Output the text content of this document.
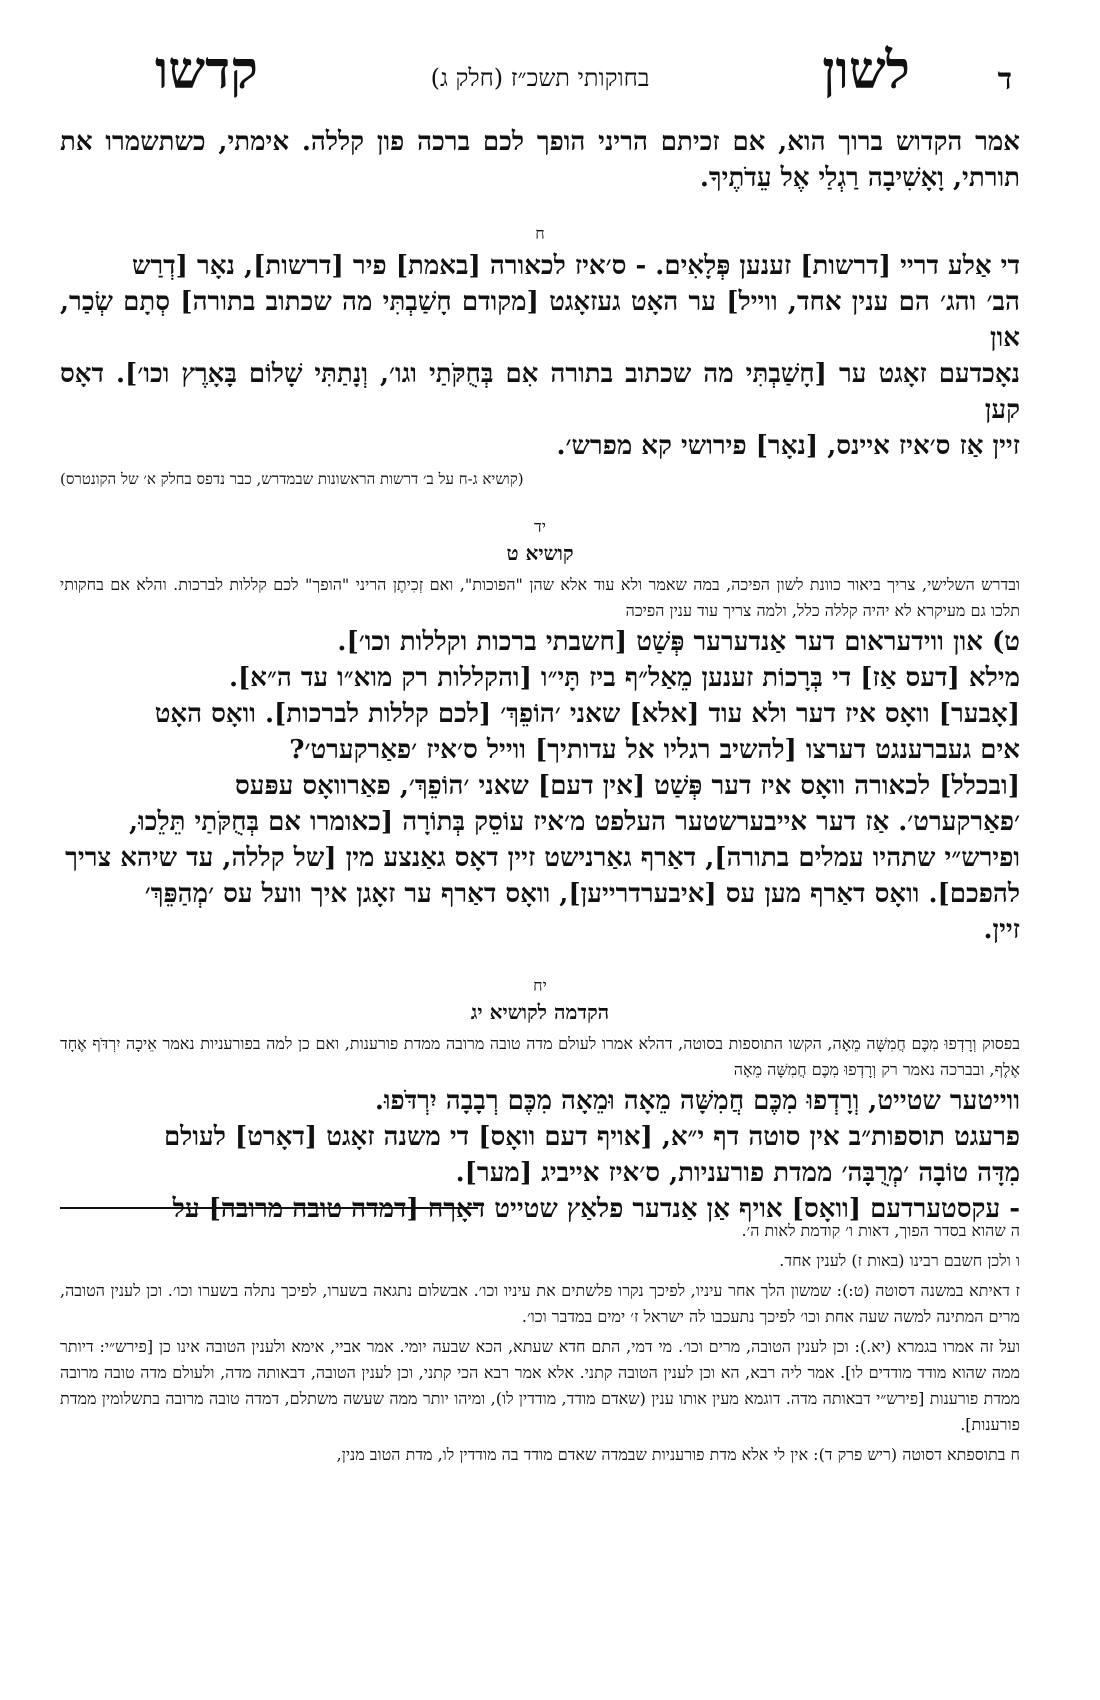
ד
לשון
בחוקותי תשכ״ז (חלק ג)
קדשו

אמר הקדוש ברוך הוא, אם זכיתם הריני הופך לכם ברכה פון קללה. אימתי, כשתשמרו את תורתי, וָאָשִׁיבָה רַגְלַי אֶל עֵדֹתֶיךָ.

ח

די אַלע דריי [דרשות] זענען פְּלָאִים. - ס׳איז לכאורה [באמת] פיר [דרשות], נאָר [דְרַש

הב׳ והג׳ הם ענין אחד, ווייל] ער האָט געזאָגט [מקודם חָשַׁבְתִּי מה שכתוב בתורה] סְתָם שְׂכַר, און

נאָכדעם זאָגט ער [חָשַׁבְתִּי מה שכתוב בתורה אִם בְּחֻקֹּתַי וגו׳, וְנָתַתִּי שָׁלוֹם בָּאָרֶץ וכו׳]. דאָס קען

זיין אַז ס׳איז איינס, [נאָר] פירושי קא מפרש׳.

(קושיא ג-ח על ב׳ דרשות הראשונות שבמדרש, כבר נדפס בחלק א׳ של הקונטרס)

יד
קושיא ט

ובדרש השלישי, צריך ביאור כוונת לשון הפיכה, במה שאמר ולא עוד אלא שהן "הפוכות", ואם זְכִיתֶן הריני "הופך" לכם קללות לברכות. והלא אם בחקותי תלכו גם מעיקרא לא יהיה קללה כלל, ולמה צריך עוד ענין הפיכה

ט) און ווידעראום דער אַנדערער פְּשַׁט [חשבתי ברכות וקללות וכו׳].

מילא [דעס אַז] די בְּרָכוֹת זענען מֵאַל״ף ביז תָּי״ו [והקללות רק מוא״ו עד ה״א].

[אָבער] וואָס איז דער ולא עוד [אלא] שאני ׳הוֹפֵךְ׳ [לכם קללות לברכות]. וואָס האָט

אים געברענגט דערצו [להשיב רגליו אל עדותיך] ווייל ס׳איז ׳פאַרקערט׳?

[ובכלל] לכאורה וואָס איז דער פְּשַׁט [אין דעם] שאני ׳הוֹפֵךְ׳, פאַרוואָס עפּעס

׳פאַרקערט׳. אַז דער אייבערשטער העלפט מ׳איז עוֹסֵק בְּתוֹרָה [כאומרו אם בְּחֻקֹּתַי תֵּלֵכוּ,

ופירש״י שתהיו עמלים בתורה], דאַרף גאַרנישט זיין דאָס גאַנצע מין [של קללה, עד שיהא צריך

להפכם]. וואָס דאַרף מען עס [איבערדרייען], וואָס דאַרף ער זאָגן איך וועל עס ׳מְהַפֵּךְ׳

זיין.

יח
הקדמה לקושיא יג

בפסוק וְרָדְפוּ מִכֶּם חֲמִשָּׁה מֵאָה, הקשו התוספות בסוטה, דהלא אמרו לעולם מדה טובה מרובה ממדת פורענות, ואם כן למה בפורעניות נאמר אֵיכָה יִרְדֹּף אֶחָד אֶלֶף, ובברכה נאמר רק וְרָדְפוּ מִכֶּם חֲמִשָּׁה מֵאָה

ווייטער שטייט, וְרָדְפוּ מִכֶּם חֲמִשָּׁה מֵאָה וּמֵאָה מִכֶּם רְבָבָה יִרְדֹּפוּ.

פרעגט תוספות״ב אין סוטה דף י״א, [אויף דעם וואָס] די משנה זאָגט [דאָרט] לעולם

מִדָּה טוֹבָה ׳מְרֻבָּה׳ ממדת פורעניות, ס׳איז אייביג [מער].

- עקסטערדעם [וואָס] אויף אַן אַנדער פלאַץ שטייט דאָךח [דמדה טובה מרובה] על

ה שהוא בסדר הפוך, דאות ו׳ קודמת לאות ה׳.

ו ולכן חשבם רבינו (באות ז) לענין אחד.

ז דאיתא במשנה דסוטה (ט:): שמשון הלך אחר עיניו, לפיכך נקרו פלשתים את עיניו וכו׳. אבשלום נתגאה בשערו, לפיכך נתלה בשערו וכו׳. וכן לענין הטובה, מרים המתינה למשה שעה אחת וכו׳ לפיכך נתעכבו לה ישראל ז׳ ימים במדבר וכו׳.

ועל זה אמרו בגמרא (יא.): וכן לענין הטובה, מרים וכו׳. מי דמי, התם חדא שעתא, הכא שבעה יומי. אמר אביי, אימא ולענין הטובה אינו כן [פירש״י: דיותר ממה שהוא מודד מודדים לו]. אמר ליה רבא, הא וכן לענין הטובה קתני. אלא אמר רבא הכי קתני, וכן לענין הטובה, דבאותה מדה, ולעולם מדה טובה מרובה ממדת פורענות [פירש״י דבאותה מדה. דוגמא מעין אותו ענין (שאדם מודד, מודדין לו), ומיהו יותר ממה שעשה משתלם, דמדה טובה מרובה בתשלומין ממדת פורענות].

ח בתוספתא דסוטה (ריש פרק ד): אין לי אלא מדת פורעניות שבמדה שאדם מודד בה מודדין לו, מדת הטוב מנין,
